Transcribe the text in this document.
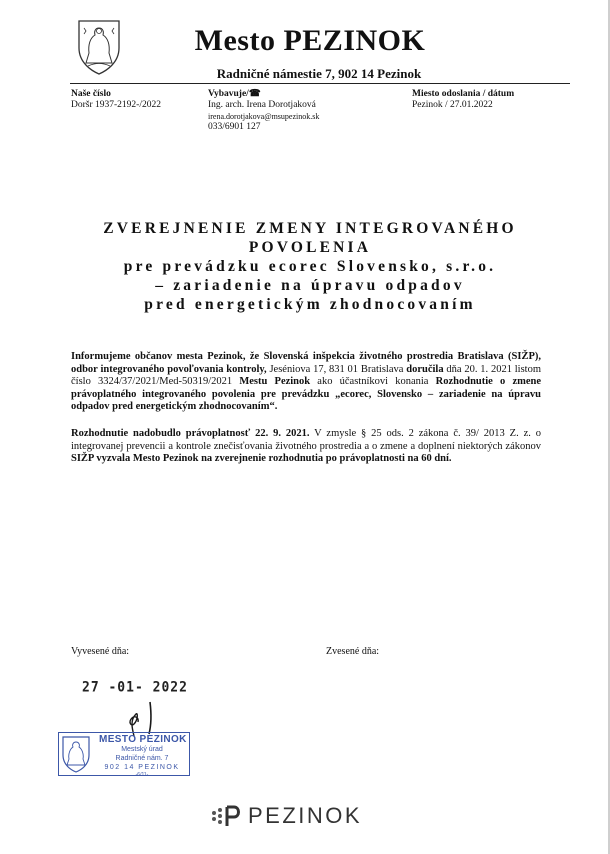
Mesto PEZINOK
Radničné námestie 7, 902 14 Pezinok
Naše číslo
Doršr 1937-2192-/2022
Vybavuje/☎
Ing. arch. Irena Dorotjaková
irena.dorotjakova@msupezinok.sk
033/6901 127
Miesto odoslania / dátum
Pezinok / 27.01.2022
ZVEREJNENIE ZMENY INTEGROVANÉHO
POVOLENIA
pre prevádzku ecorec Slovensko, s.r.o.
– zariadenie na úpravu odpadov
pred energetickým zhodnocovaním

Informujeme občanov mesta Pezinok, že Slovenská inšpekcia životného prostredia Bratislava (SIŽP), odbor integrovaného povoľovania kontroly, Jeséniova 17, 831 01 Bratislava doručila dňa 20. 1. 2021 listom číslo 3324/37/2021/Med-50319/2021 Mestu Pezinok ako účastníkovi konania Rozhodnutie o zmene právoplatného integrovaného povolenia pre prevádzku „ecorec, Slovensko – zariadenie na úpravu odpadov pred energetickým zhodnocovaním“.

Rozhodnutie nadobudlo právoplatnosť 22. 9. 2021. V zmysle § 25 ods. 2 zákona č. 39/ 2013 Z. z. o integrovanej prevencii a kontrole znečisťovania životného prostredia a o zmene a doplnení niektorých zákonov SIŽP vyzvala Mesto Pezinok na zverejnenie rozhodnutia po právoplatnosti na 60 dní.

Vyvesené dňa:	Zvesené dňa:
27 -01- 2022
MESTO PEZINOK
Mestský úrad
Radničné nám. 7
902 14 PEZINOK
-6/11-
PEZINOK
